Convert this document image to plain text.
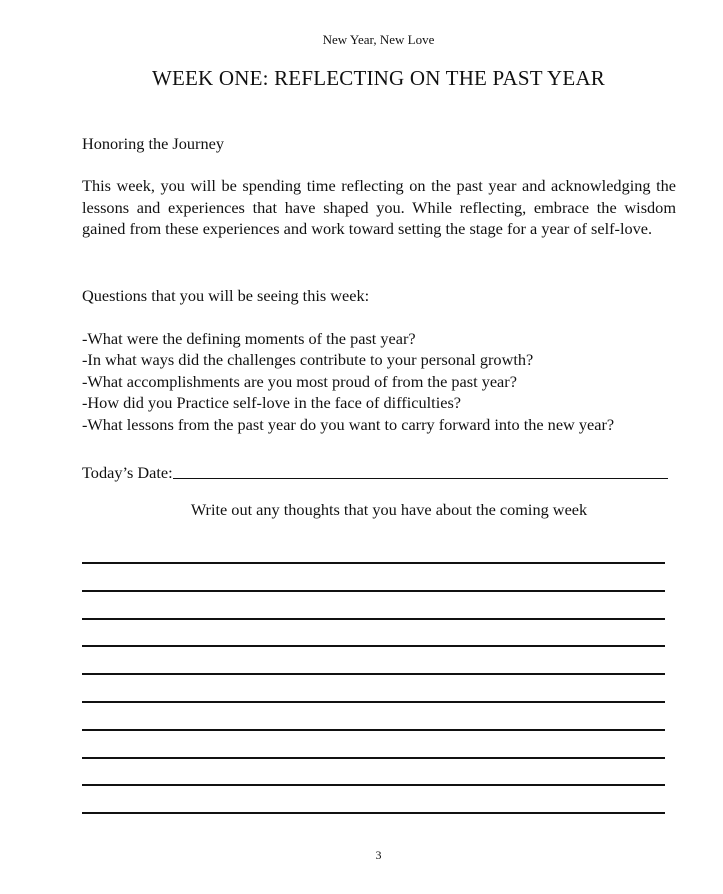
New Year, New Love
WEEK ONE: REFLECTING ON THE PAST YEAR
Honoring the Journey
This week, you will be spending time reflecting on the past year and acknowledging the lessons and experiences that have shaped you. While reflecting, embrace the wisdom gained from these experiences and work toward setting the stage for a year of self-love.
Questions that you will be seeing this week:
-What were the defining moments of the past year?
-In what ways did the challenges contribute to your personal growth?
-What accomplishments are you most proud of from the past year?
-How did you Practice self-love in the face of difficulties?
-What lessons from the past year do you want to carry forward into the new year?
Today’s Date:
Write out any thoughts that you have about the coming week
3
